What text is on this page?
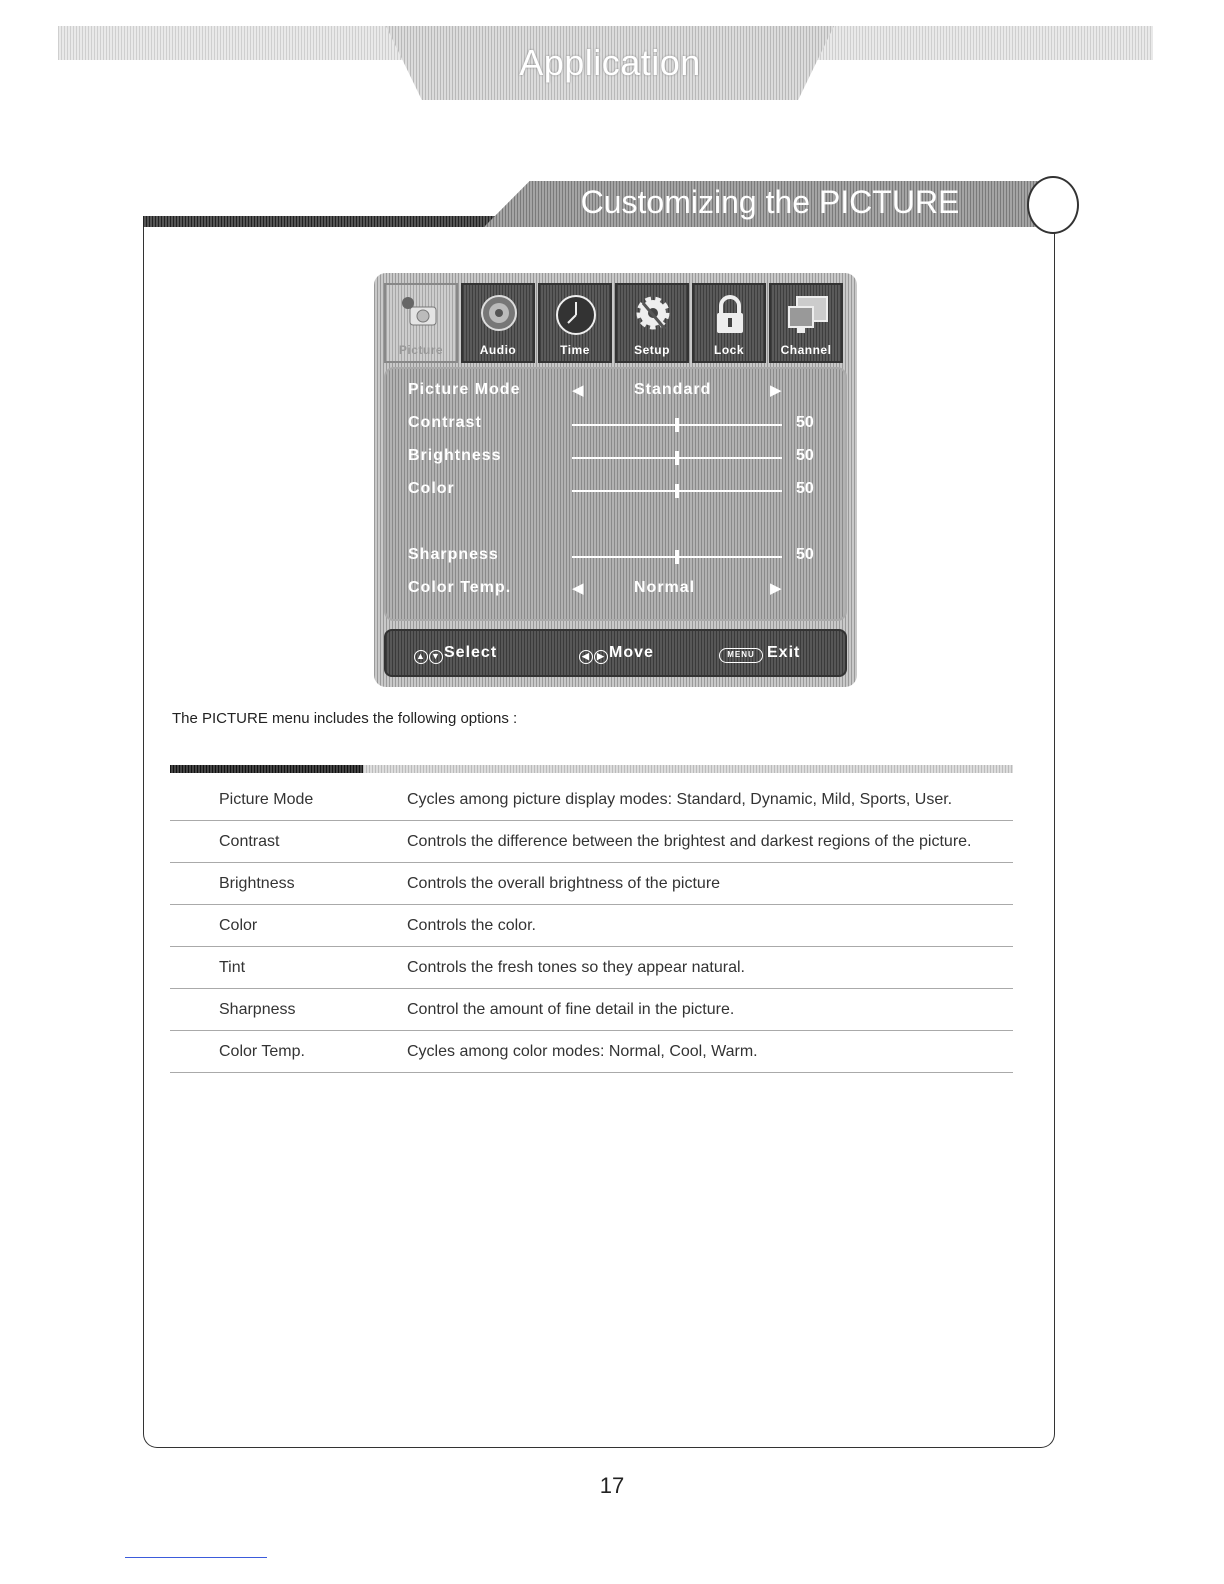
Application
Customizing the PICTURE Settings
Picture	Audio	Time	Setup	Lock	Channel
Picture Mode	◀	Standard	▶
Contrast	50
Brightness	50
Color	50
Sharpness	50
Color Temp.	◀	Normal	▶
▲ ▼ Select	◀ ▶ Move	MENU Exit
The PICTURE menu includes the following options :
Picture Mode	Cycles among picture display modes: Standard, Dynamic, Mild, Sports, User.
Contrast	Controls the difference between the brightest and darkest regions of the picture.
Brightness	Controls the overall brightness of the picture
Color	Controls the color.
Tint	Controls the fresh tones so they appear natural.
Sharpness	Control the amount of fine detail in the picture.
Color Temp.	Cycles among color modes: Normal, Cool, Warm.
17
